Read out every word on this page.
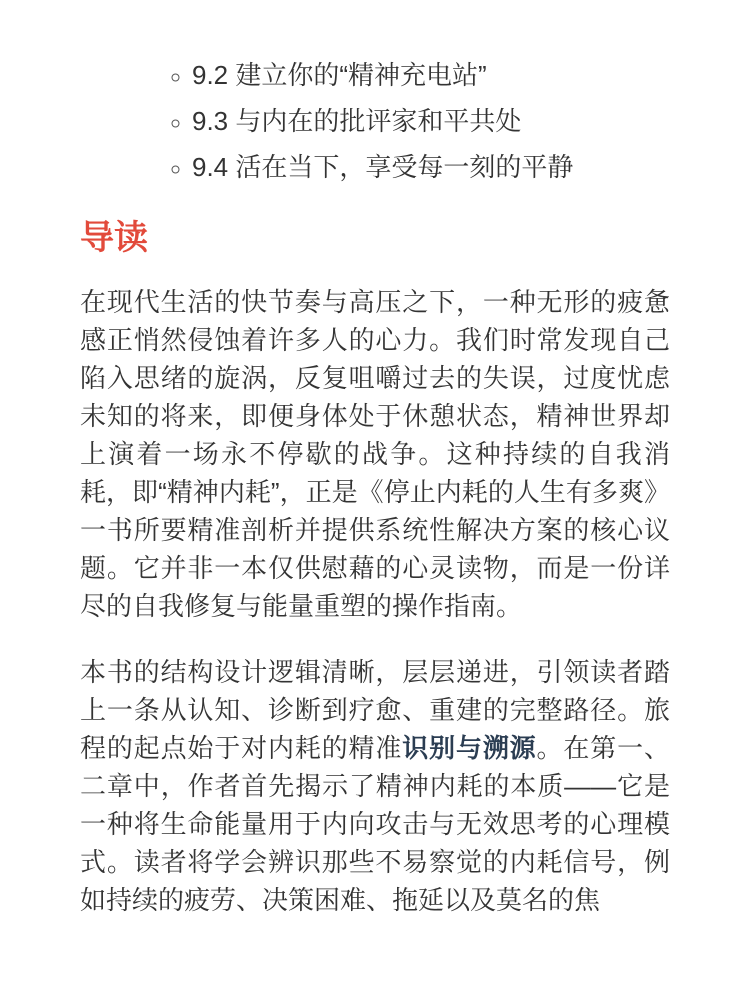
◦ 9.2 建立你的“精神充电站”
◦ 9.3 与内在的批评家和平共处
◦ 9.4 活在当下，享受每一刻的平静
导读

在现代生活的快节奏与高压之下，一种无形的疲惫感正悄然侵蚀着许多人的心力。我们时常发现自己陷入思绪的旋涡，反复咀嚼过去的失误，过度忧虑未知的将来，即便身体处于休憩状态，精神世界却上演着一场永不停歇的战争。这种持续的自我消耗，即“精神内耗”，正是《停止内耗的人生有多爽》一书所要精准剖析并提供系统性解决方案的核心议题。它并非一本仅供慰藉的心灵读物，而是一份详尽的自我修复与能量重塑的操作指南。

本书的结构设计逻辑清晰，层层递进，引领读者踏上一条从认知、诊断到疗愈、重建的完整路径。旅程的起点始于对内耗的精准识别与溯源。在第一、二章中，作者首先揭示了精神内耗的本质——它是一种将生命能量用于内向攻击与无效思考的心理模式。读者将学会辨识那些不易察觉的内耗信号，例如持续的疲劳、决策困难、拖延以及莫名的焦
